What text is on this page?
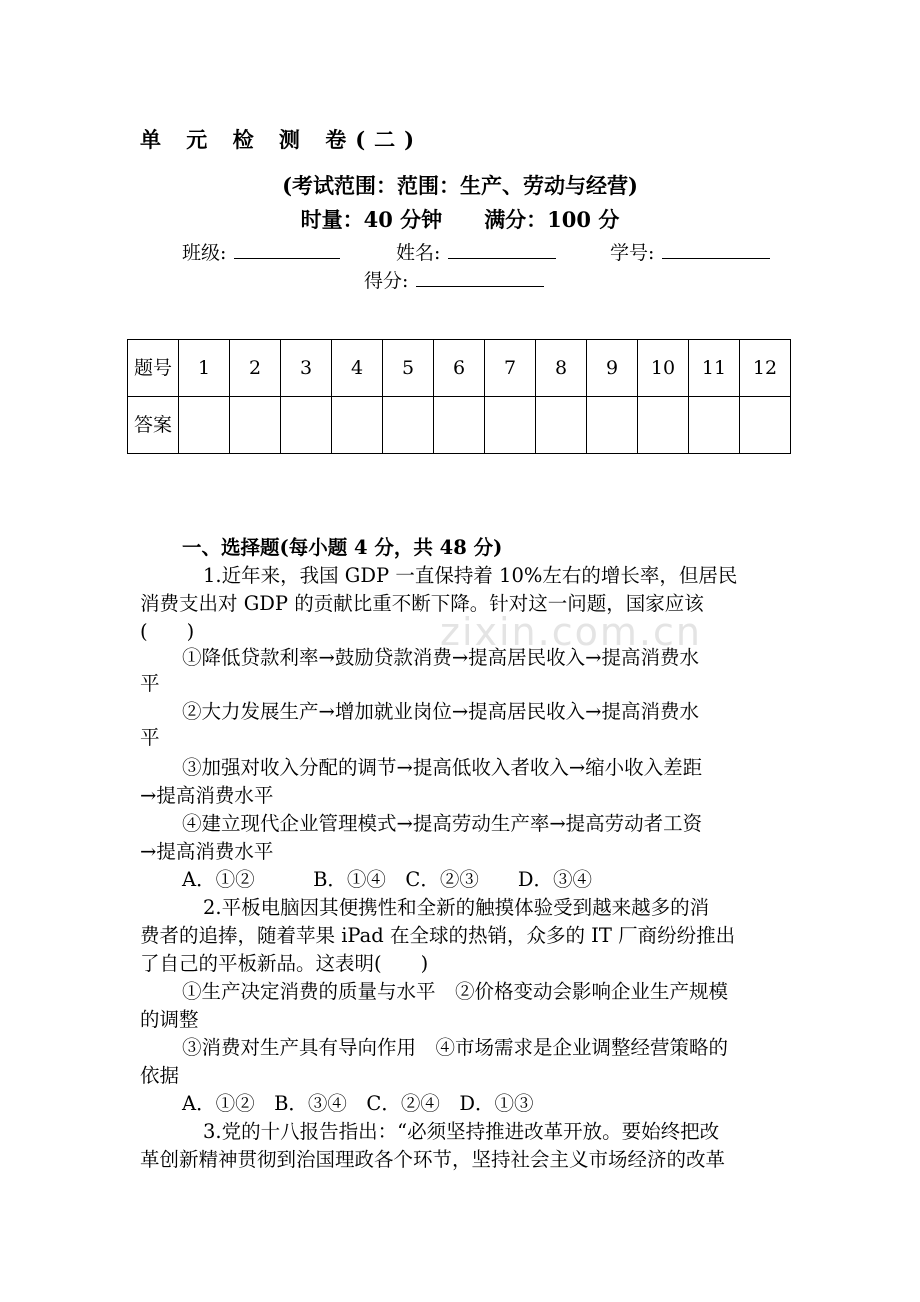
zixin.com.cn
单 元 检 测 卷(二)
(考试范围：范围：生产、劳动与经营)
时量：40 分钟 满分：100 分
班级:	姓名:	学号:
得分:
题号	1	2	3	4	5	6	7	8	9	10	11	12
答案												
一、选择题(每小题 4 分，共 48 分)
1.近年来，我国 GDP 一直保持着 10%左右的增长率，但居民
消费支出对 GDP 的贡献比重不断下降。针对这一问题，国家应该
(　　)
①降低贷款利率→鼓励贷款消费→提高居民收入→提高消费水
平
②大力发展生产→增加就业岗位→提高居民收入→提高消费水
平
③加强对收入分配的调节→提高低收入者收入→缩小收入差距
→提高消费水平
④建立现代企业管理模式→提高劳动生产率→提高劳动者工资
→提高消费水平
A．①②　　　B．①④　C．②③　　D．③④
2.平板电脑因其便携性和全新的触摸体验受到越来越多的消
费者的追捧，随着苹果 iPad 在全球的热销，众多的 IT 厂商纷纷推出
了自己的平板新品。这表明(　　)
①生产决定消费的质量与水平　②价格变动会影响企业生产规模
的调整
③消费对生产具有导向作用　④市场需求是企业调整经营策略的
依据
A．①②　B．③④　C．②④　D．①③
3.党的十八报告指出：“必须坚持推进改革开放。要始终把改
革创新精神贯彻到治国理政各个环节，坚持社会主义市场经济的改革
